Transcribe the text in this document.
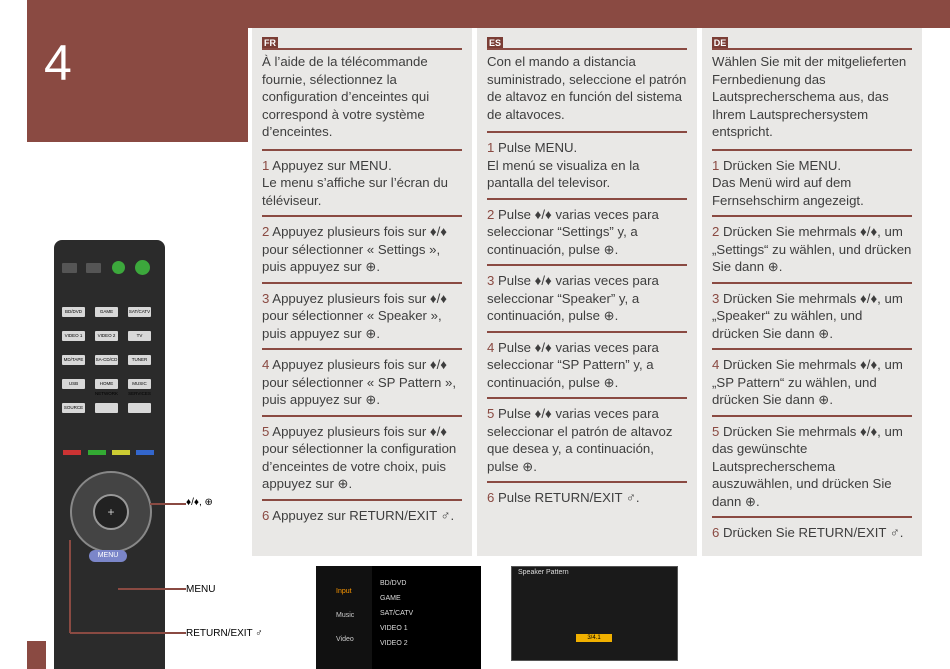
4	FR
À l’aide de la télécommande fournie, sélectionnez la configuration d’enceintes qui correspond à votre système d’enceintes.
1 Appuyez sur MENU.
Le menu s’affiche sur l’écran du téléviseur.
2 Appuyez plusieurs fois sur ♦/♦ pour sélectionner « Settings », puis appuyez sur ⊕.
3 Appuyez plusieurs fois sur ♦/♦ pour sélectionner « Speaker », puis appuyez sur ⊕.
4 Appuyez plusieurs fois sur ♦/♦ pour sélectionner « SP Pattern », puis appuyez sur ⊕.
5 Appuyez plusieurs fois sur ♦/♦ pour sélectionner la configuration d’enceintes de votre choix, puis appuyez sur ⊕.
6 Appuyez sur RETURN/EXIT ♂.
ES
Con el mando a distancia suministrado, seleccione el patrón de altavoz en función del sistema de altavoces.
1 Pulse MENU.
El menú se visualiza en la pantalla del televisor.
2 Pulse ♦/♦ varias veces para seleccionar “Settings” y, a continuación, pulse ⊕.
3 Pulse ♦/♦ varias veces para seleccionar “Speaker” y, a continuación, pulse ⊕.
4 Pulse ♦/♦ varias veces para seleccionar “SP Pattern” y, a continuación, pulse ⊕.
5 Pulse ♦/♦ varias veces para seleccionar el patrón de altavoz que desea y, a continuación, pulse ⊕.
6 Pulse RETURN/EXIT ♂.
DE
Wählen Sie mit der mitgelieferten Fernbedienung das Lautsprecherschema aus, das Ihrem Lautsprechersystem entspricht.
1 Drücken Sie MENU.
Das Menü wird auf dem Fernsehschirm angezeigt.
2 Drücken Sie mehrmals ♦/♦, um „Settings“ zu wählen, und drücken Sie dann ⊕.
3 Drücken Sie mehrmals ♦/♦, um „Speaker“ zu wählen, und drücken Sie dann ⊕.
4 Drücken Sie mehrmals ♦/♦, um „SP Pattern“ zu wählen, und drücken Sie dann ⊕.
5 Drücken Sie mehrmals ♦/♦, um das gewünschte Lautsprecherschema auszuwählen, und drücken Sie dann ⊕.
6 Drücken Sie RETURN/EXIT ♂.
BD/DVD	GAME	SAT/CATV
VIDEO 1	VIDEO 2	TV
MD/TAPE	SA-CD/CD	TUNER
USB	HOME NETWORK
MUSIC SERVICES
SOURCE
+
MENU
♦/♦, ⊕
MENU
RETURN/EXIT ♂
Input
Music
Video
BD/DVD
GAME
SAT/CATV
VIDEO 1
VIDEO 2
Speaker Pattern
3/4.1
